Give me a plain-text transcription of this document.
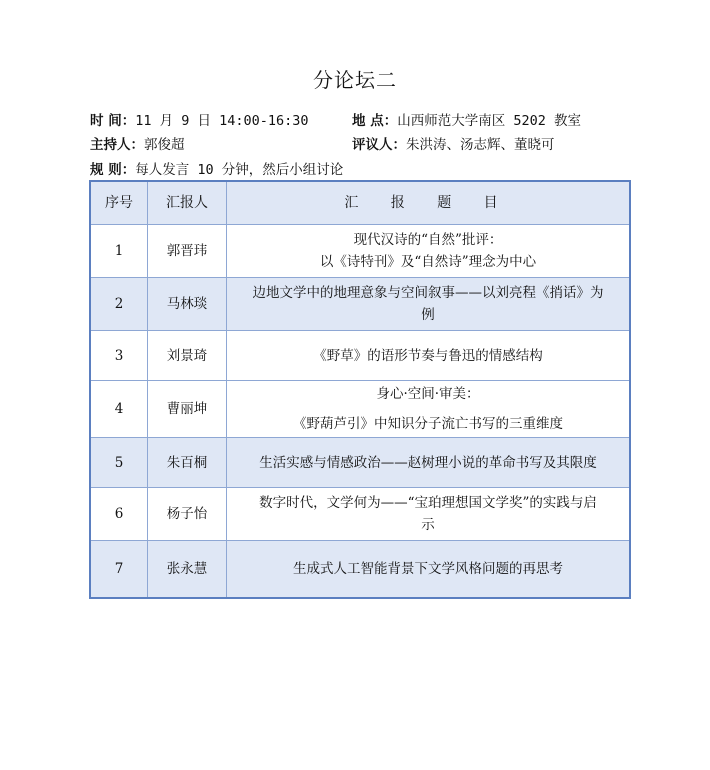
分论坛二
时 间：11 月 9 日 14:00-16:30	地 点：山西师范大学南区 5202 教室
主持人：郭俊超	评议人：朱洪涛、汤志辉、董晓可
规 则：每人发言 10 分钟，然后小组讨论
序号	汇报人	汇 报 题 目
1	郭晋玮	现代汉诗的“自然”批评：
以《诗特刊》及“自然诗”理念为中心

2	马林琰	边地文学中的地理意象与空间叙事——以刘亮程《捎话》为
例

3	刘景琦	《野草》的语形节奏与鲁迅的情感结构

4	曹丽坤	身心·空间·审美：
《野葫芦引》中知识分子流亡书写的三重维度

5	朱百桐	生活实感与情感政治——赵树理小说的革命书写及其限度

6	杨子怡	数字时代，文学何为——“宝珀理想国文学奖”的实践与启
示

7	张永慧	生成式人工智能背景下文学风格问题的再思考
